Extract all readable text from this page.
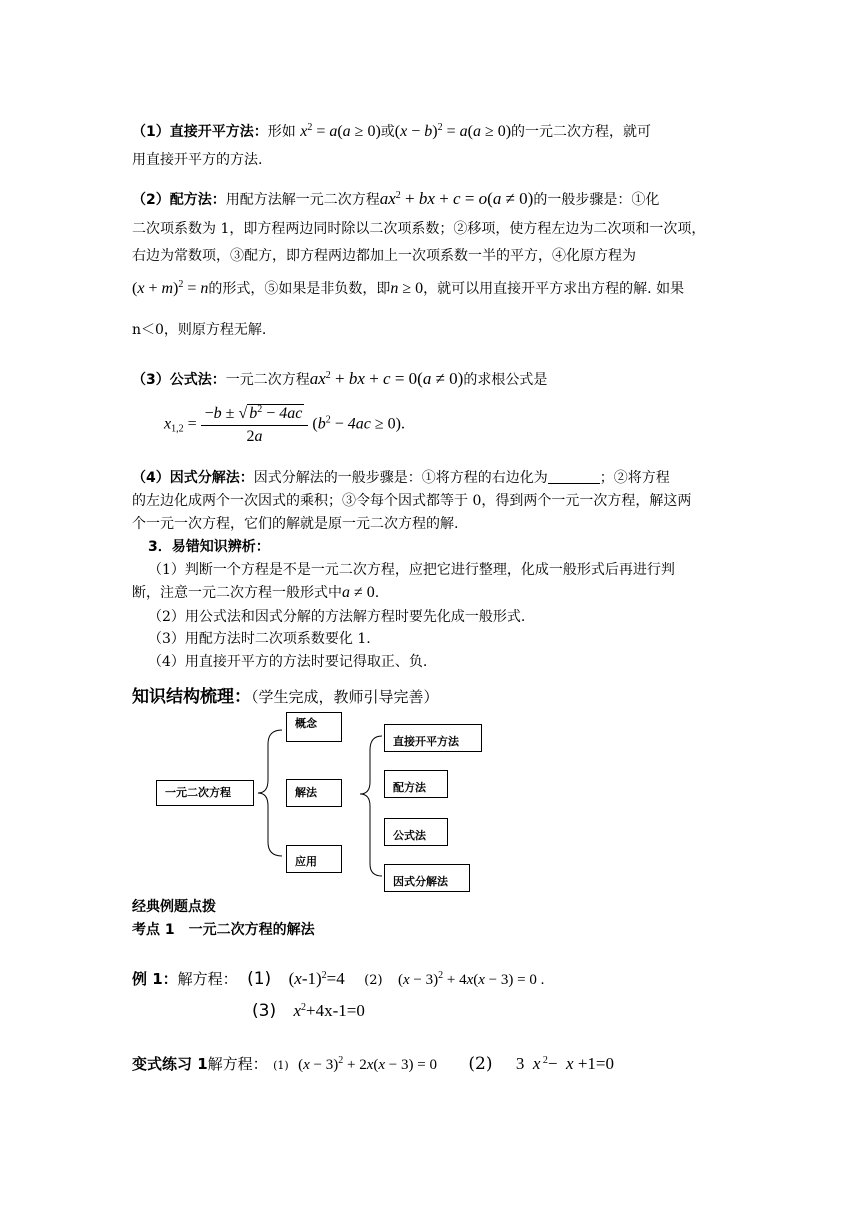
（1）直接开平方法：形如 $x^2 = a(a \ge 0)$或$(x - b)^2 = a(a \ge 0)$的一元二次方程，就可
用直接开平方的方法.
（2）配方法：用配方法解一元二次方程$ax^2$ + bx + c = o(a ≠ 0)的一般步骤是：①化
二次项系数为 1，即方程两边同时除以二次项系数；②移项，使方程左边为二次项和一次项，
右边为常数项，③配方，即方程两边都加上一次项系数一半的平方，④化原方程为
$(x + m)^2 = n$的形式，⑤如果是非负数，即n ≥ 0，就可以用直接开平方求出方程的解. 如果
n＜0，则原方程无解.
（3）公式法：一元二次方程$ax^2$ + bx + c = 0(a ≠ 0)的求根公式是
$x_{1,2} = \frac{-b \pm √ b^2 - 4ac}{2a} (b^2 - 4ac \ge 0)$.
（4）因式分解法：因式分解法的一般步骤是：①将方程的右边化为	；②将方程
的左边化成两个一次因式的乘积；③令每个因式都等于 0，得到两个一元一次方程，解这两
个一元一次方程，它们的解就是原一元二次方程的解.
3．易错知识辨析：
（1）判断一个方程是不是一元二次方程，应把它进行整理，化成一般形式后再进行判
断，注意一元二次方程一般形式中a ≠ 0.
（2）用公式法和因式分解的方法解方程时要先化成一般形式.
（3）用配方法时二次项系数要化 1.
（4）用直接开平方的方法时要记得取正、负.
知识结构梳理：（学生完成，教师引导完善）
一元二次方程
概念
解法
应用
直接开平方法
配方法
公式法
因式分解法
经典例题点拨
考点 1　一元二次方程的解法
例 1：解方程： (1) $(x-1)^2=4$ (2) $(x - 3)^2 + 4x(x - 3) = 0$ .
(3) $x^2+4x-1=0$
变式练习 1解方程： (1) $(x - 3)^2 + 2x(x - 3) = 0$ (2) 3  x $^2$−  x +1=0
